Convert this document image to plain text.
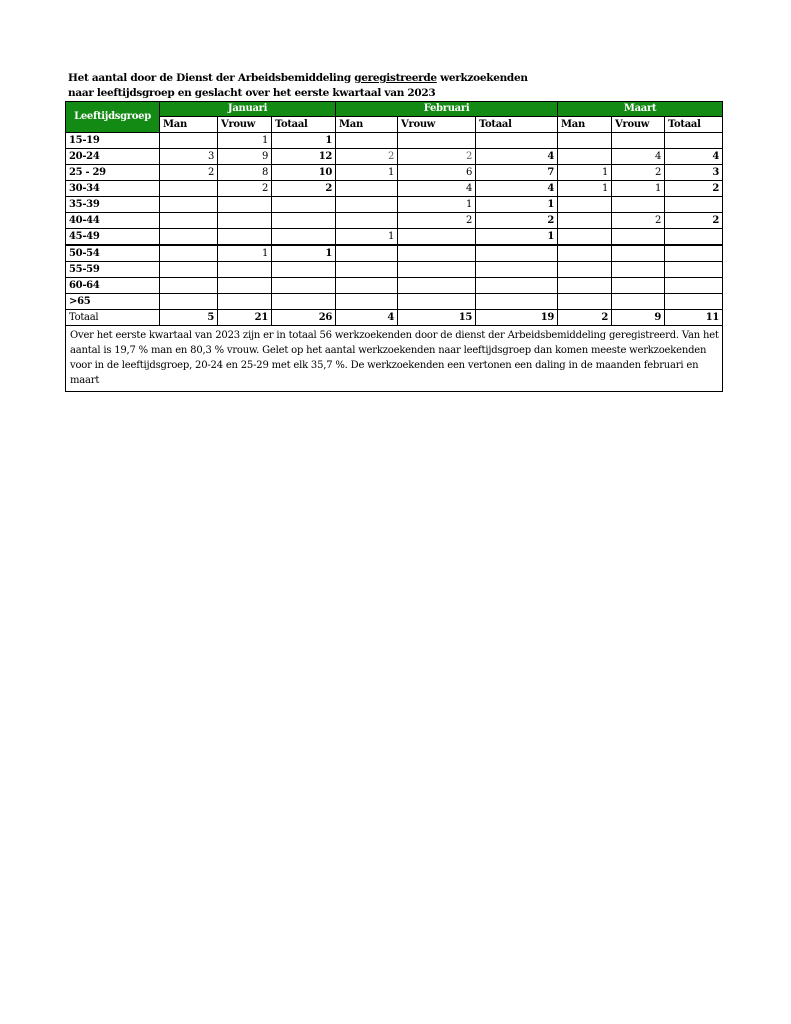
Het aantal door de Dienst der Arbeidsbemiddeling geregistreerde werkzoekenden
naar leeftijdsgroep en geslacht over het eerste kwartaal van 2023
Leeftijdsgroep	Januari			Februari			Maart		
	Man	Vrouw	Totaal	Man	Vrouw	Totaal	Man	Vrouw	Totaal
15-19		1	1						
20-24	3	9	12	2	2	4		4	4
25 - 29	2	8	10	1	6	7	1	2	3
30-34		2	2		4	4	1	1	2
35-39					1	1			
40-44					2	2		2	2
45-49				1		1			
50-54		1	1						
55-59									
60-64									
>65									
Totaal	5	21	26	4	15	19	2	9	11
Over het eerste kwartaal van 2023 zijn er in totaal 56 werkzoekenden door de dienst der Arbeidsbemiddeling geregistreerd. Van het aantal is 19,7 % man en 80,3 % vrouw. Gelet op het aantal werkzoekenden naar leeftijdsgroep dan komen meeste werkzoekenden voor in de leeftijdsgroep, 20-24 en 25-29 met elk 35,7 %. De werkzoekenden een vertonen een daling in de maanden februari en maart									
